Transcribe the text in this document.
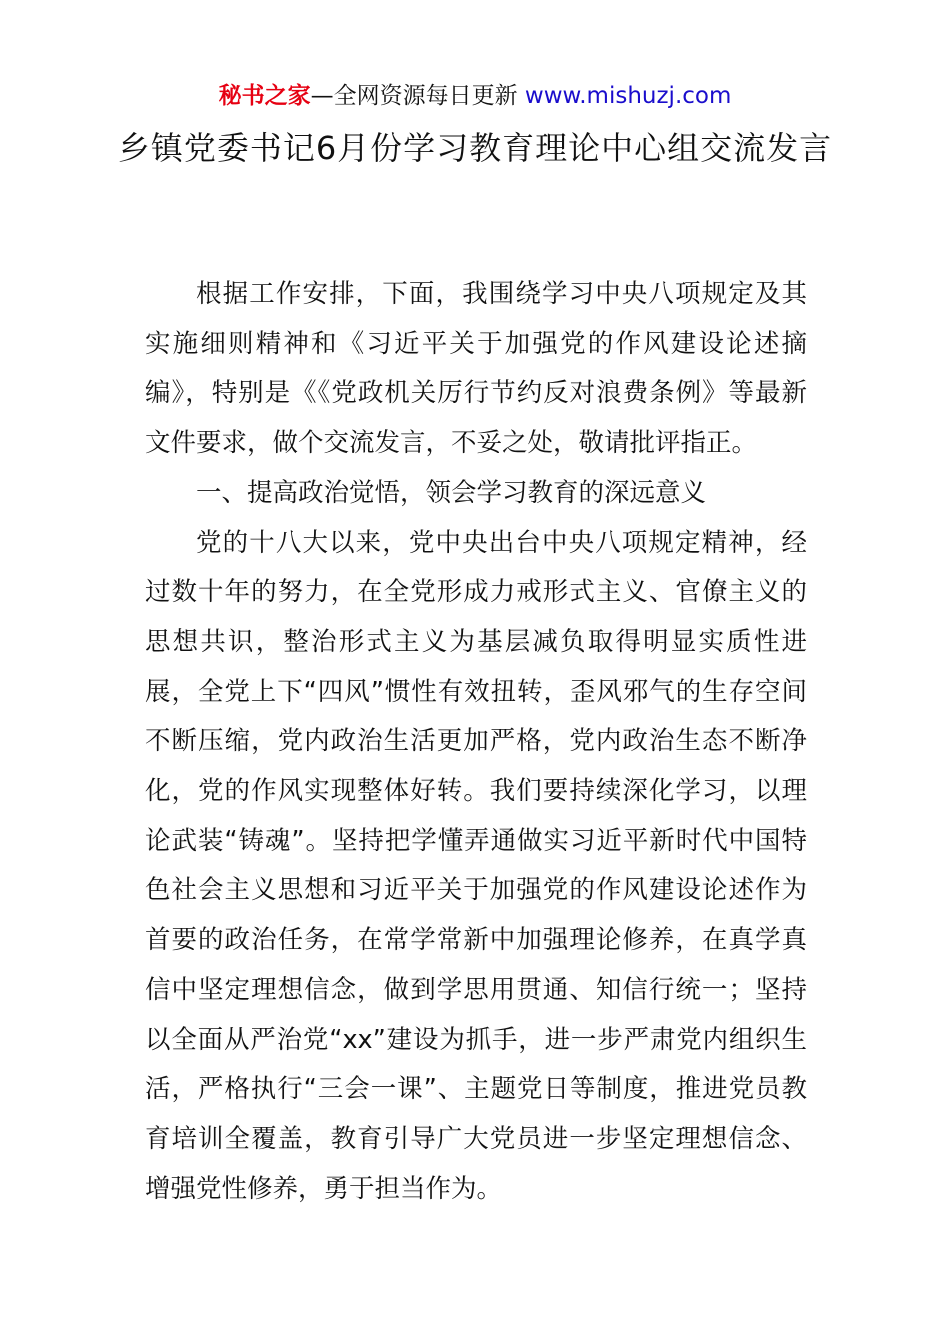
秘书之家—全网资源每日更新 www.mishuzj.com
乡镇党委书记6月份学习教育理论中心组交流发言

根据工作安排，下面，我围绕学习中央八项规定及其实施细则精神和《习近平关于加强党的作风建设论述摘编》，特别是《《党政机关厉行节约反对浪费条例》等最新文件要求，做个交流发言，不妥之处，敬请批评指正。

一、提高政治觉悟，领会学习教育的深远意义

党的十八大以来，党中央出台中央八项规定精神，经过数十年的努力，在全党形成力戒形式主义、官僚主义的思想共识，整治形式主义为基层减负取得明显实质性进展，全党上下“四风”惯性有效扭转，歪风邪气的生存空间不断压缩，党内政治生活更加严格，党内政治生态不断净化，党的作风实现整体好转。我们要持续深化学习，以理论武装“铸魂”。坚持把学懂弄通做实习近平新时代中国特色社会主义思想和习近平关于加强党的作风建设论述作为首要的政治任务，在常学常新中加强理论修养，在真学真信中坚定理想信念，做到学思用贯通、知信行统一；坚持以全面从严治党“xx”建设为抓手，进一步严肃党内组织生活，严格执行“三会一课”、主题党日等制度，推进党员教育培训全覆盖，教育引导广大党员进一步坚定理想信念、增强党性修养，勇于担当作为。
